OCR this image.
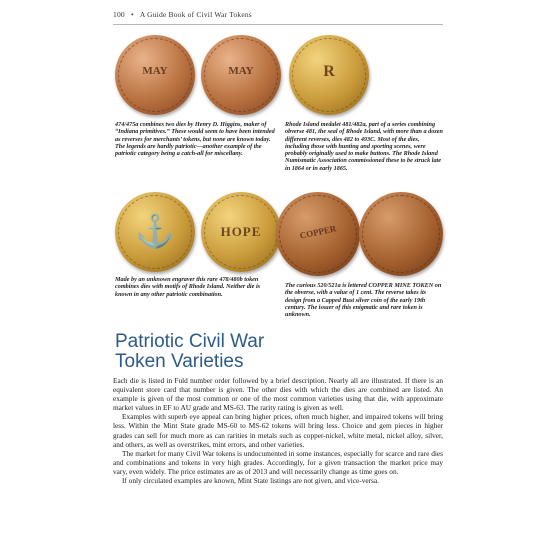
100 • A Guide Book of Civil War Tokens
MAY	MAY	R
474/475a combines two dies by Henry D. Higgins, maker of “Indiana primitives.” These would seem to have been intended as reverses for merchants’ tokens, but none are known today. The legends are hardly patriotic—another example of the patriotic category being a catch-all for miscellany.
Rhode Island medalet 481/482a, part of a series combining obverse 481, the seal of Rhode Island, with more than a dozen different reverses, dies 482 to 493C. Most of the dies, including those with hunting and sporting scenes, were probably originally used to make buttons. The Rhode Island Numismatic Association commissioned these to be struck late in 1864 or in early 1865.
⚓	HOPE	COPPER
Made by an unknown engraver this rare 478/480b token combines dies with motifs of Rhode Island. Neither die is known in any other patriotic combination.
The curious 520/521a is lettered COPPER MINE TOKEN on the obverse, with a value of 1 cent. The reverse takes its design from a Capped Bust silver coin of the early 19th century. The issuer of this enigmatic and rare token is unknown.
Patriotic Civil War
Token Varieties

Each die is listed in Fuld number order followed by a brief description. Nearly all are illustrated. If there is an equivalent store card that number is given. The other dies with which the dies are combined are listed. An example is given of the most common or one of the most common varieties using that die, with approximate market values in EF to AU grade and MS-63. The rarity rating is given as well.

Examples with superb eye appeal can bring higher prices, often much higher, and impaired tokens will bring less. Within the Mint State grade MS-60 to MS-62 tokens will bring less. Choice and gem pieces in higher grades can sell for much more as can rarities in metals such as copper-nickel, white metal, nickel alloy, silver, and others, as well as overstrikes, mint errors, and other varieties.

The market for many Civil War tokens is undocumented in some instances, especially for scarce and rare dies and combinations and tokens in very high grades. Accordingly, for a given transaction the market price may vary, even widely. The price estimates are as of 2013 and will necessarily change as time goes on.

If only circulated examples are known, Mint State listings are not given, and vice-versa.
